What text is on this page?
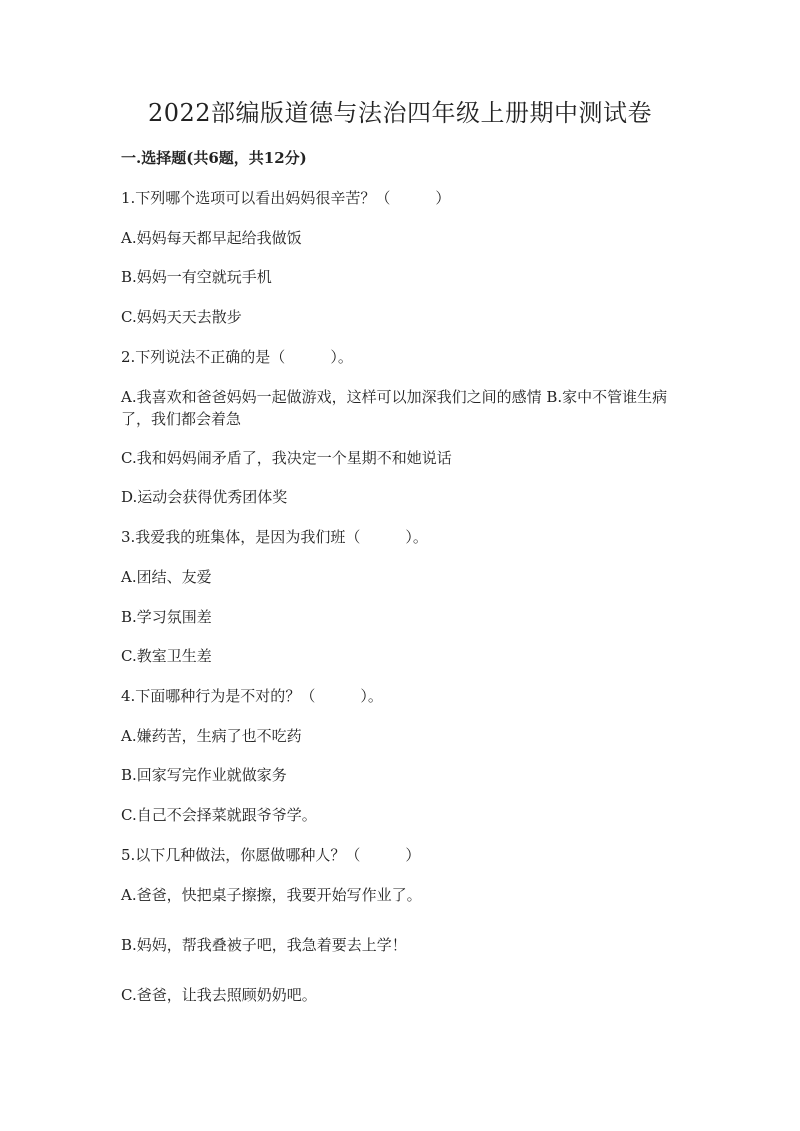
2022部编版道德与法治四年级上册期中测试卷

一.选择题(共6题，共12分)

1.下列哪个选项可以看出妈妈很辛苦？（　　　）

A.妈妈每天都早起给我做饭

B.妈妈一有空就玩手机

C.妈妈天天去散步

2.下列说法不正确的是（　　　）。

A.我喜欢和爸爸妈妈一起做游戏，这样可以加深我们之间的感情 B.家中不管谁生病了，我们都会着急

C.我和妈妈闹矛盾了，我决定一个星期不和她说话

D.运动会获得优秀团体奖

3.我爱我的班集体，是因为我们班（　　　）。

A.团结、友爱

B.学习氛围差

C.教室卫生差

4.下面哪种行为是不对的？（　　　）。

A.嫌药苦，生病了也不吃药

B.回家写完作业就做家务

C.自己不会择菜就跟爷爷学。

5.以下几种做法，你愿做哪种人？（　　　）

A.爸爸，快把桌子擦擦，我要开始写作业了。

B.妈妈，帮我叠被子吧，我急着要去上学！

C.爸爸，让我去照顾奶奶吧。
